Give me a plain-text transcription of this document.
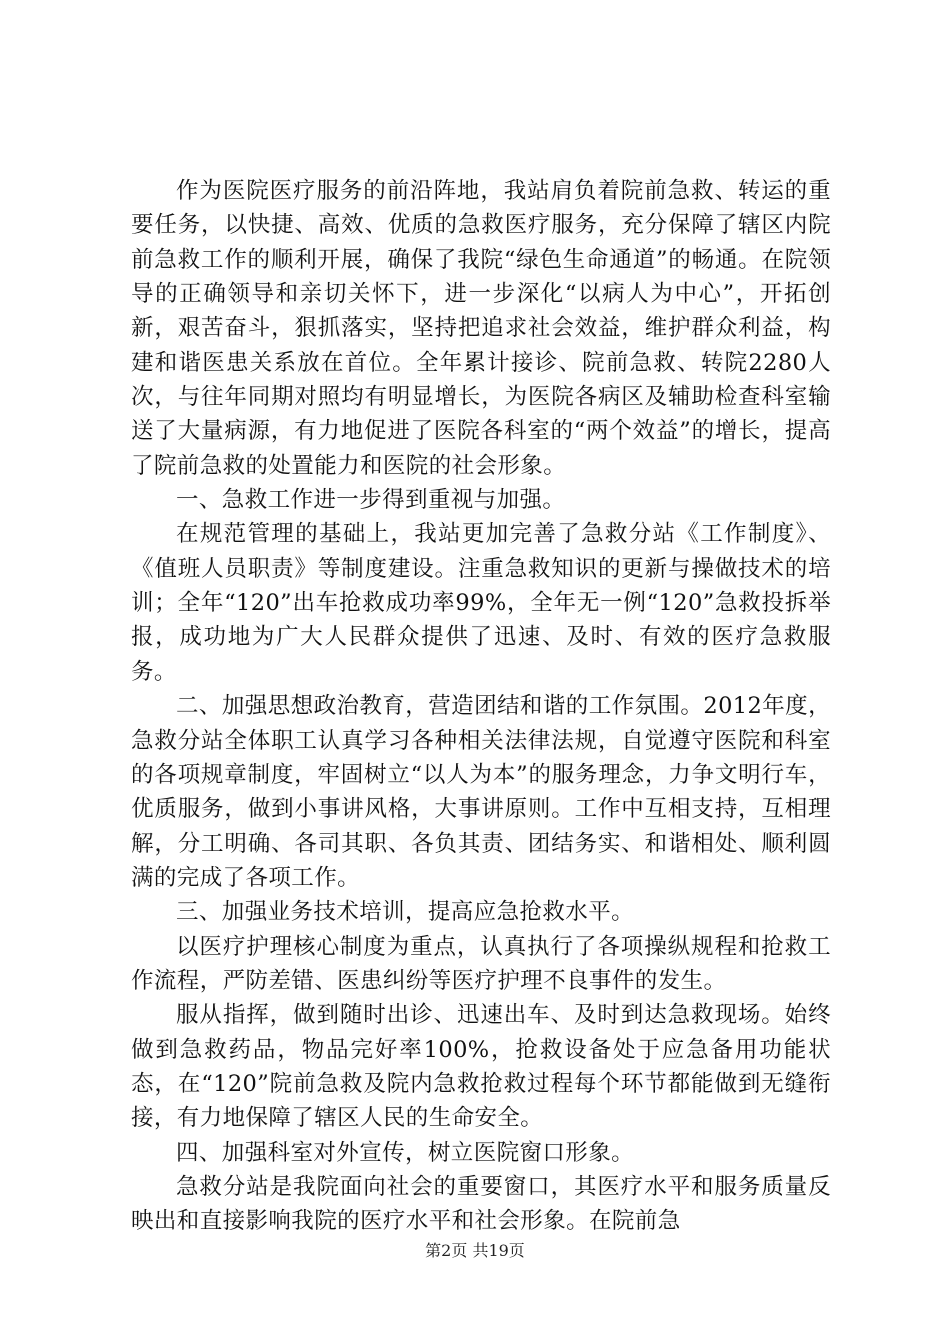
作为医院医疗服务的前沿阵地，我站肩负着院前急救、转运的重要任务，以快捷、高效、优质的急救医疗服务，充分保障了辖区内院前急救工作的顺利开展，确保了我院“绿色生命通道”的畅通。在院领导的正确领导和亲切关怀下，进一步深化“以病人为中心”，开拓创新，艰苦奋斗，狠抓落实，坚持把追求社会效益，维护群众利益，构建和谐医患关系放在首位。全年累计接诊、院前急救、转院2280人次，与往年同期对照均有明显增长，为医院各病区及辅助检查科室输送了大量病源，有力地促进了医院各科室的“两个效益”的增长，提高了院前急救的处置能力和医院的社会形象。

一、急救工作进一步得到重视与加强。

在规范管理的基础上，我站更加完善了急救分站《工作制度》、《值班人员职责》等制度建设。注重急救知识的更新与操做技术的培训；全年“120”出车抢救成功率99%，全年无一例“120”急救投拆举报，成功地为广大人民群众提供了迅速、及时、有效的医疗急救服务。

二、加强思想政治教育，营造团结和谐的工作氛围。2012年度，急救分站全体职工认真学习各种相关法律法规，自觉遵守医院和科室的各项规章制度，牢固树立“以人为本”的服务理念，力争文明行车，优质服务，做到小事讲风格，大事讲原则。工作中互相支持，互相理解，分工明确、各司其职、各负其责、团结务实、和谐相处、顺利圆满的完成了各项工作。

三、加强业务技术培训，提高应急抢救水平。

以医疗护理核心制度为重点，认真执行了各项操纵规程和抢救工作流程，严防差错、医患纠纷等医疗护理不良事件的发生。

服从指挥，做到随时出诊、迅速出车、及时到达急救现场。始终做到急救药品，物品完好率100%，抢救设备处于应急备用功能状态，在“120”院前急救及院内急救抢救过程每个环节都能做到无缝衔接，有力地保障了辖区人民的生命安全。

四、加强科室对外宣传，树立医院窗口形象。

急救分站是我院面向社会的重要窗口，其医疗水平和服务质量反映出和直接影响我院的医疗水平和社会形象。在院前急

第2页 共19页
